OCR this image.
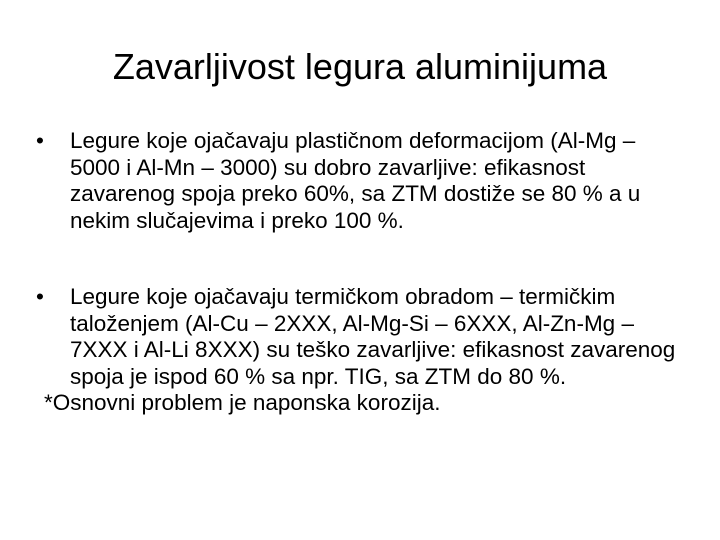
Zavarljivost legura aluminijuma

•	Legure koje ojačavaju plastičnom deformacijom (Al-Mg – 5000 i Al-Mn – 3000) su dobro zavarljive: efikasnost zavarenog spoja preko 60%, sa ZTM dostiže se 80 % a u nekim slučajevima i preko 100 %.

•	Legure koje ojačavaju termičkom obradom – termičkim taloženjem (Al-Cu – 2XXX, Al-Mg-Si – 6XXX, Al-Zn-Mg – 7XXX i Al-Li 8XXX) su teško zavarljive: efikasnost zavarenog spoja je ispod 60 % sa npr. TIG, sa ZTM do 80 %.

*Osnovni problem je naponska korozija.
